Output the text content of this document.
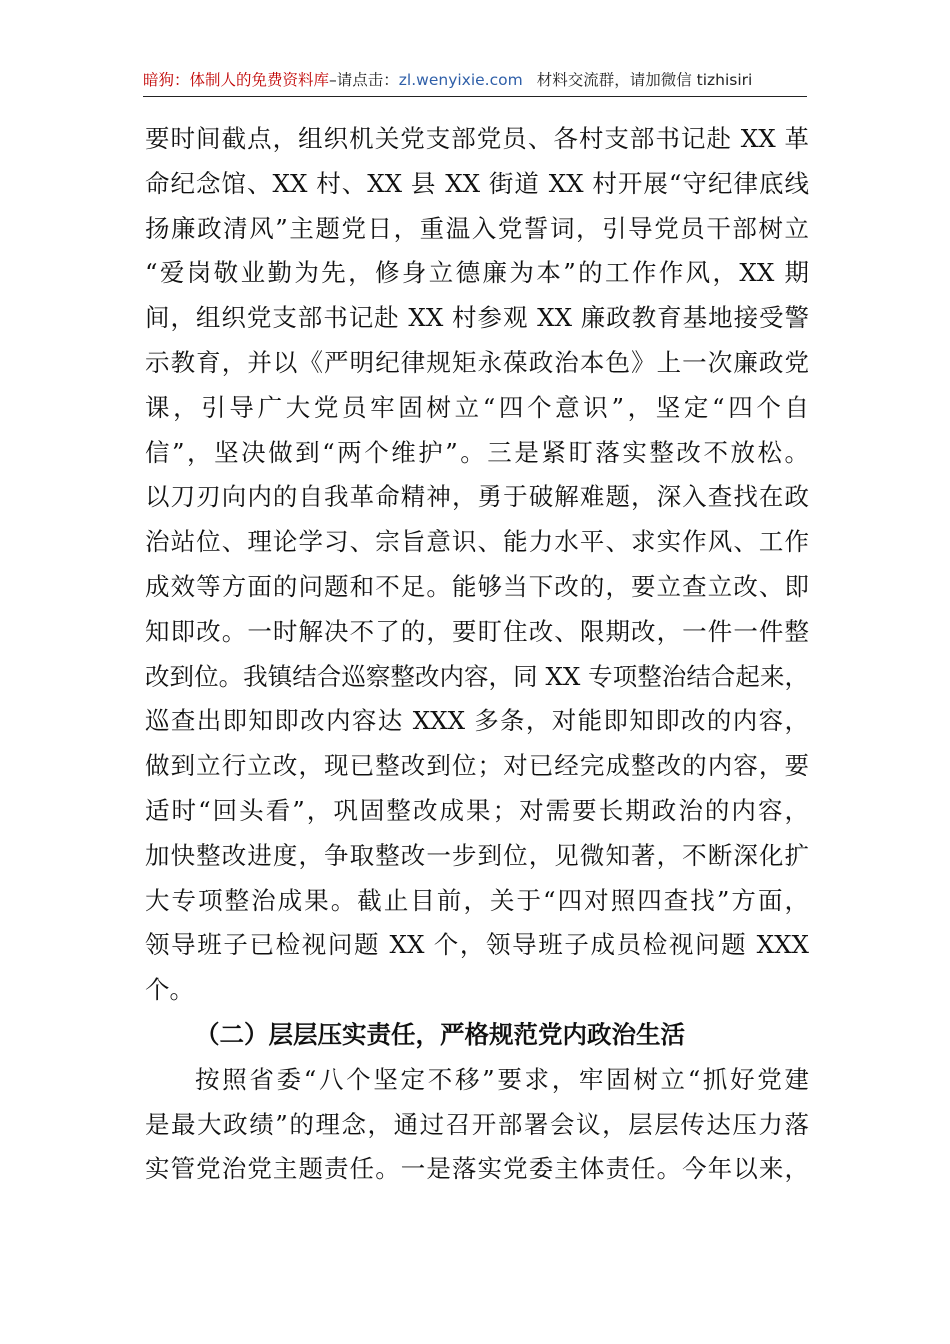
暗狗：体制人的免费资料库–请点击：zl.wenyixie.com 材料交流群，请加微信 tizhisiri
要时间截点，组织机关党支部党员、各村支部书记赴 XX 革
命纪念馆、XX 村、XX 县 XX 街道 XX 村开展“守纪律底线
扬廉政清风”主题党日，重温入党誓词，引导党员干部树立
“爱岗敬业勤为先，修身立德廉为本”的工作作风，XX 期
间，组织党支部书记赴 XX 村参观 XX 廉政教育基地接受警
示教育，并以《严明纪律规矩永葆政治本色》上一次廉政党
课，引导广大党员牢固树立“四个意识”，坚定“四个自
信”，坚决做到“两个维护”。三是紧盯落实整改不放松。
以刀刃向内的自我革命精神，勇于破解难题，深入查找在政
治站位、理论学习、宗旨意识、能力水平、求实作风、工作
成效等方面的问题和不足。能够当下改的，要立查立改、即
知即改。一时解决不了的，要盯住改、限期改，一件一件整
改到位。我镇结合巡察整改内容，同 XX 专项整治结合起来，
巡查出即知即改内容达 XXX 多条，对能即知即改的内容，
做到立行立改，现已整改到位；对已经完成整改的内容，要
适时“回头看”，巩固整改成果；对需要长期政治的内容，
加快整改进度，争取整改一步到位，见微知著，不断深化扩
大专项整治成果。截止目前，关于“四对照四查找”方面，
领导班子已检视问题 XX 个，领导班子成员检视问题 XXX
个。
（二）层层压实责任，严格规范党内政治生活
按照省委“八个坚定不移”要求，牢固树立“抓好党建
是最大政绩”的理念，通过召开部署会议，层层传达压力落
实管党治党主题责任。一是落实党委主体责任。今年以来，
